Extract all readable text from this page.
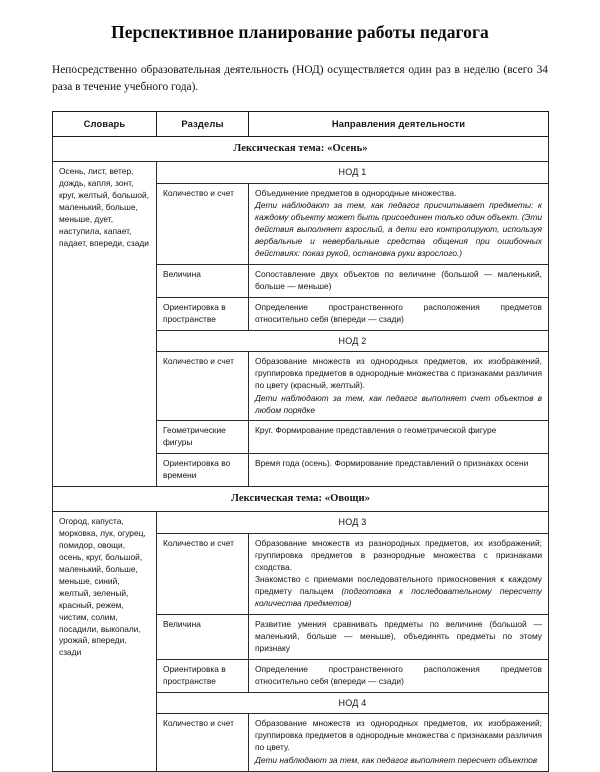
Перспективное планирование работы педагога

Непосредственно образовательная деятельность (НОД) осуществляется один раз в неделю (всего 34 раза в течение учебного года).

Словарь	Разделы	Направления деятельности
Лексическая тема: «Осень»		
Осень, лист, ветер, дождь, капля, зонт, круг, желтый, большой, маленький, больше, меньше, дует, наступила, капает, падает, впереди, сзади	НОД 1	
	Количество и счет	Объединение предметов в однородные множества.

Дети наблюдают за тем, как педагог присчитывает предметы: к каждому объекту может быть присоединен только один объект. (Эти действия выполняет взрослый, а дети его контролируют, используя вербальные и невербальные средства общения при ошибочных действиях: показ рукой, остановка руки взрослого.)

	Величина	Сопоставление двух объектов по величине (большой — маленький, больше — меньше)

	Ориентировка в пространстве	Определение пространственного расположения предметов относительно себя (впереди — сзади)

	НОД 2	
	Количество и счет	Образование множеств из однородных предметов, их изображений, группировка предметов в однородные множества с признаками различия по цвету (красный, желтый).

Дети наблюдают за тем, как педагог выполняет счет объектов в любом порядке

	Геометрические фигуры	Круг. Формирование представления о геометрической фигуре

	Ориентировка во времени	Время года (осень). Формирование представлений о признаках осени

Лексическая тема: «Овощи»		
Огород, капуста, морковка, лук, огурец, помидор, овощи, осень, круг, большой, маленький, больше, меньше, синий, желтый, зеленый, красный, режем, чистим, солим, посадили, выкопали, урожай, впереди, сзади	НОД 3	
	Количество и счет	Образование множеств из разнородных предметов, их изображений; группировка предметов в разнородные множества с признаками сходства.

Знакомство с приемами последовательного прикосновения к каждому предмету пальцем (подготовка к последовательному пересчету количества предметов)

	Величина	Развитие умения сравнивать предметы по величине (большой — маленький, больше — меньше), объединять предметы по этому признаку

	Ориентировка в пространстве	Определение пространственного расположения предметов относительно себя (впереди — сзади)

	НОД 4	
	Количество и счет	Образование множеств из однородных предметов, их изображений; группировка предметов в однородные множества с признаками различия по цвету.

Дети наблюдают за тем, как педагог выполняет пересчет объектов
